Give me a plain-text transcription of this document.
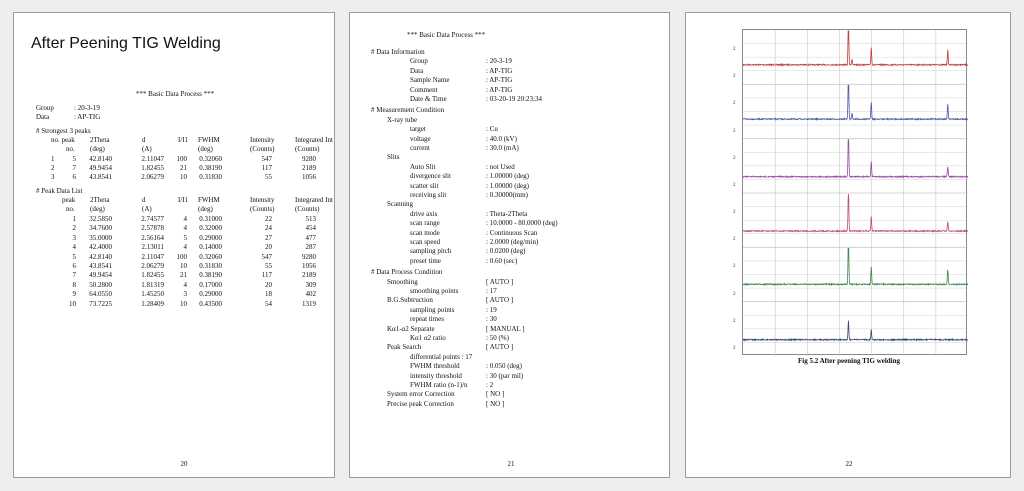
After Peening TIG Welding
*** Basic Data Process ***
Group	: 20-3-19
Data	: AP-TIG
# Strongest 3 peaks
# Peak Data List
20
no. peak 2Theta	d	I/I1 FWHM	Intensity	Integrated Int
no. (deg)	(A)	(deg)	(Counts)	(Counts)
1	5	42.8140	2.11047	100	0.32060	547	9280
2	7	49.9454	1.82455	21	0.38190	117	2189
3	6	43.8541	2.06279	10	0.31830	55	1056
peak 2Theta	d	I/I1 FWHM	Intensity	Integrated Int
no. (deg)	(A)	(deg)	(Counts)	(Counts)
1	32.5850	2.74577	4	0.31000	22	513
2	34.7600	2.57878	4	0.32000	24	454
3	35.0000	2.56164	5	0.29000	27	477
4	42.4000	2.13011	4	0.14000	20	287
5	42.8140	2.11047	100	0.32060	547	9280
6	43.8541	2.06279	10	0.31830	55	1056
7	49.9454	1.82455	21	0.38190	117	2189
8	50.2800	1.81319	4	0.17000	20	309
9	64.0550	1.45250	3	0.29000	18	402
10	73.7225	1.28409	10	0.43500	54	1319
*** Basic Data Process ***
# Data Information
Group	: 20-3-19
Data	: AP-TIG
Sample Name	: AP-TIG
Comment	: AP-TIG
Date & Time	: 03-20-19 20:23:34
# Measurement Condition
X-ray tube
target	: Cu
voltage	: 40.0 (kV)
current	: 30.0 (mA)
Slits
Auto Slit	: not Used
divergence slit	: 1.00000 (deg)
scatter slit	: 1.00000 (deg)
receiving slit	: 0.30000(mm)
Scanning
drive axis	: Theta-2Theta
scan range	: 10.0000 - 80.0000 (deg)
scan mode	: Continuous Scan
scan speed	: 2.0000 (deg/min)
sampling pitch	: 0.0200 (deg)
preset time	: 0.60 (sec)
# Data Process Condition
Smoothing	[ AUTO ]
smoothing points	: 17
B.G.Subtruction	[ AUTO ]
sampling points	: 19
repeat times	: 30
Kα1-α2 Separate	[ MANUAL ]
Kα1 α2 ratio	: 50 (%)
Peak Search	[ AUTO ]
differential points : 17
FWHM threshold	: 0.050 (deg)
intensity threshold	: 30 (par mil)
FWHM ratio (n-1)/n	: 2
System error Correction	[ NO ]
Precise peak Correction	[ NO ]
21
2
2
2
2
2
2
2
2
2
2
2
2
Fig 5.2 After peening TIG welding
22
